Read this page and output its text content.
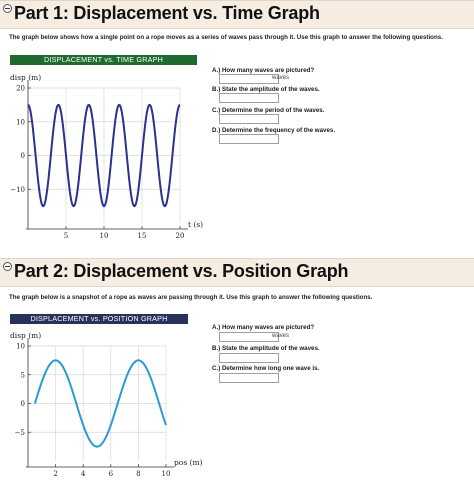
Part 1: Displacement vs. Time Graph
The graph below shows how a single point on a rope moves as a series of waves pass through it. Use this graph to answer the following questions.
DISPLACEMENT vs. TIME GRAPH
5	10	15	20
20
10
0
−10
disp (m)
t (s)
A.) How many waves are pictured?
waves
B.) State the amplitude of the waves.
C.) Determine the period of the waves.
D.) Determine the frequency of the waves.
Part 2: Displacement vs. Position Graph
The graph below is a snapshot of a rope as waves are passing through it. Use this graph to answer the following questions.
DISPLACEMENT vs. POSITION GRAPH
2	4	6	8	10
10
5
0
−5
disp (m)
pos (m)
A.) How many waves are pictured?
waves
B.) State the amplitude of the waves.
C.) Determine how long one wave is.
